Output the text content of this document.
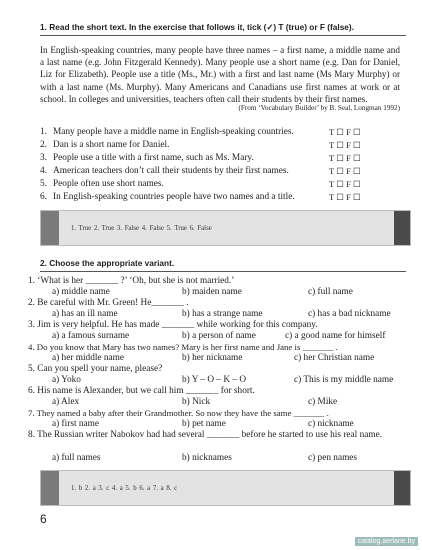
1. Read the short text. In the exercise that follows it, tick (✓) T (true) or F (false).
In English-speaking countries, many people have three names – a first name, a middle name and a last name (e.g. John Fitzgerald Kennedy). Many people use a short name (e.g. Dan for Daniel, Liz for Elizabeth). People use a title (Ms., Mr.) with a first and last name (Ms Mary Murphy) or with a last name (Ms. Murphy). Many Americans and Canadians use first names at work or at school. In colleges and universities, teachers often call their students by their first names.
(From ‘Vocabulary Builder’ by B. Seal, Longman 1992)
1. Many people have a middle name in English-speaking countries.	T ☐ F ☐
2. Dan is a short name for Daniel.	T ☐ F ☐
3. People use a title with a first name, such as Ms. Mary.	T ☐ F ☐
4. American teachers don’t call their students by their first names.	T ☐ F ☐
5. People often use short names.	T ☐ F ☐
6. In English-speaking countries people have two names and a title.	T ☐ F ☐
1. True 2. True 3. False 4. False 5. True 6. False
2. Choose the appropriate variant.
1. ‘What is her _______ ?’ ‘Oh, but she is not married.’
a) middle name	b) maiden name	c) full name
2. Be careful with Mr. Green! He_______ .
a) has an ill name	b) has a strange name	c) has a bad nickname
3. Jim is very helpful. He has made _______ while working for this company.
a) a famous surname	b) a person of name	c) a good name for himself
4. Do you know that Mary has two names? Mary is her first name and Jane is _______ .
a) her middle name	b) her nickname	c) her Christian name
5. Can you spell your name, please?
a) Yoko	b) Y – O – K – O	c) This is my middle name
6. His name is Alexander, but we call him _______ for short.
a) Alex	b) Nick	c) Mike
7. They named a baby after their Grandmother. So now they have the same _______ .
a) first name	b) pet name	c) nickname
8. The Russian writer Nabokov had had several _______ before he started to use his real name.
a) full names	b) nicknames	c) pen names
1. b 2. a 3. c 4. a 5. b 6. a 7. a 8. c
6
catalog.aerlane.by
